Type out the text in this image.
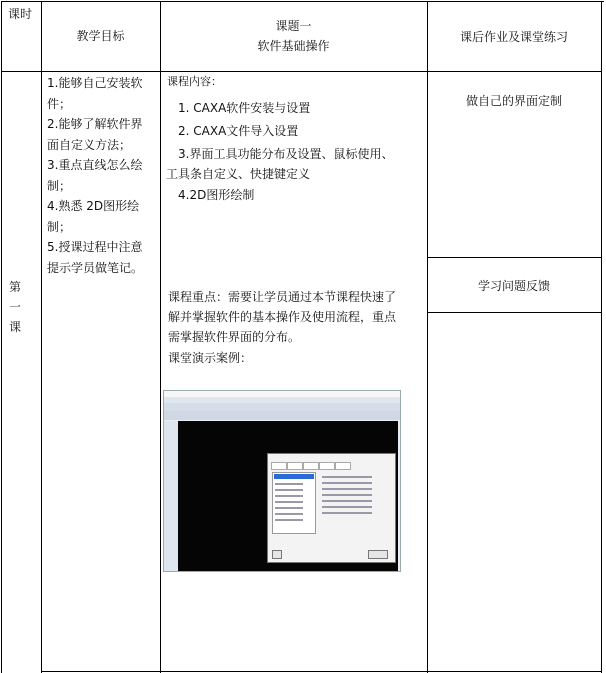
课时
教学目标
课题一
软件基础操作
课后作业及课堂练习
第
一
课
1.能够自己安装软
件；
2.能够了解软件界
面自定义方法；
3.重点直线怎么绘
制；
4.熟悉 2D图形绘
制；
5.授课过程中注意
提示学员做笔记。
课程内容：
1. CAXA软件安装与设置
2. CAXA文件导入设置
3.界面工具功能分布及设置、鼠标使用、
工具条自定义、快捷键定义
4.2D图形绘制
课程重点：需要让学员通过本节课程快速了
解并掌握软件的基本操作及使用流程，重点
需掌握软件界面的分布。
课堂演示案例：
做自己的界面定制
学习问题反馈
